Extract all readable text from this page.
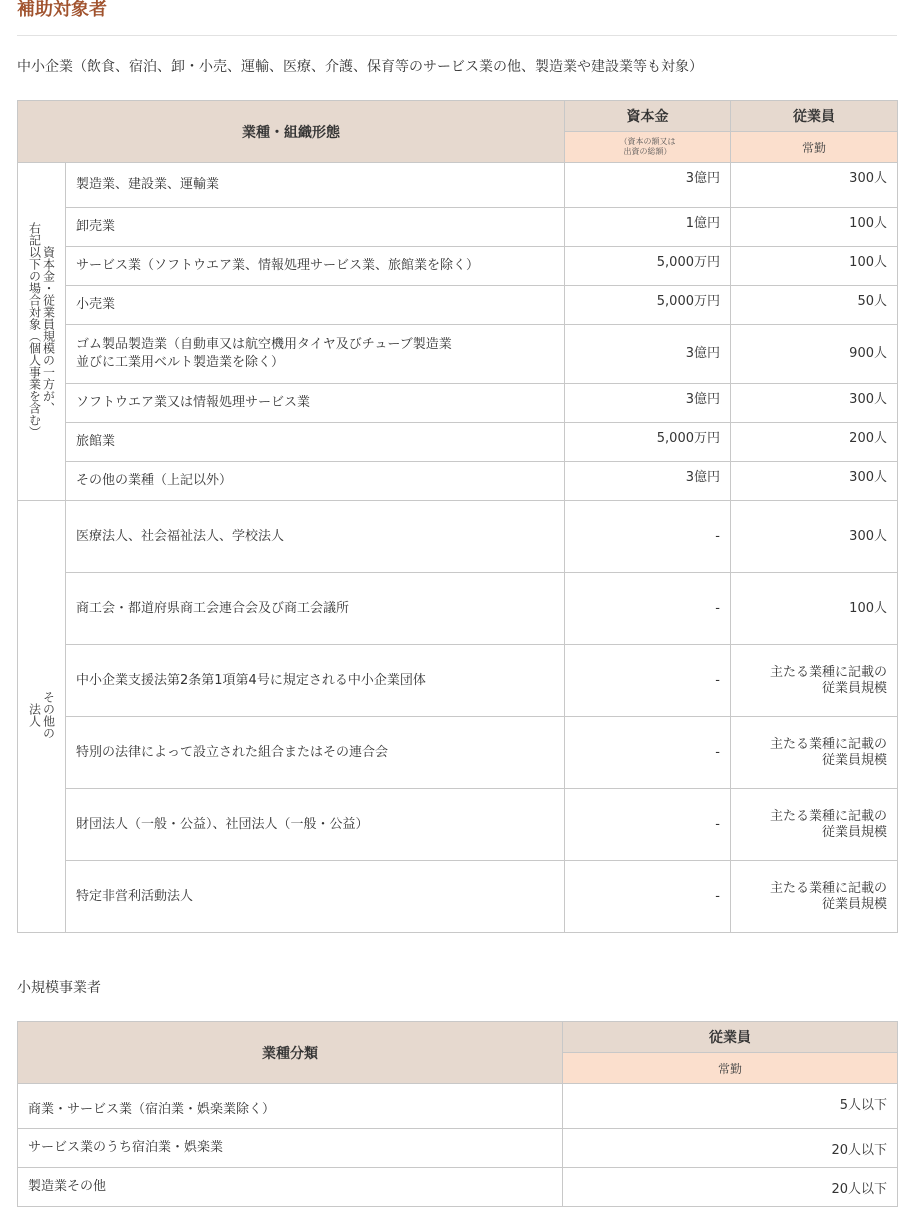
補助対象者
中小企業（飲食、宿泊、卸・小売、運輸、医療、介護、保育等のサービス業の他、製造業や建設業等も対象）
業種・組織形態		資本金	従業員
		（資本の額又は
出資の総額）	常勤
資本金・従業員規模の一方が、
右記以下の場合対象（個人事業を含む）	製造業、建設業、運輸業	3億円	300人
	卸売業	1億円	100人
	サービス業（ソフトウエア業、情報処理サービス業、旅館業を除く）	5,000万円	100人
	小売業	5,000万円	50人
	ゴム製品製造業（自動車又は航空機用タイヤ及びチューブ製造業
並びに工業用ベルト製造業を除く）	3億円	900人
	ソフトウエア業又は情報処理サービス業	3億円	300人
	旅館業	5,000万円	200人
	その他の業種（上記以外）	3億円	300人
その他の
法人	医療法人、社会福祉法人、学校法人	-	300人
	商工会・都道府県商工会連合会及び商工会議所	-	100人
	中小企業支援法第2条第1項第4号に規定される中小企業団体	-	主たる業種に記載の
従業員規模
	特別の法律によって設立された組合またはその連合会	-	主たる業種に記載の
従業員規模
	財団法人（一般・公益）、社団法人（一般・公益）	-	主たる業種に記載の
従業員規模
	特定非営利活動法人	-	主たる業種に記載の
従業員規模
小規模事業者
業種分類	従業員
	常勤
商業・サービス業（宿泊業・娯楽業除く）	5人以下
サービス業のうち宿泊業・娯楽業	20人以下
製造業その他	20人以下
